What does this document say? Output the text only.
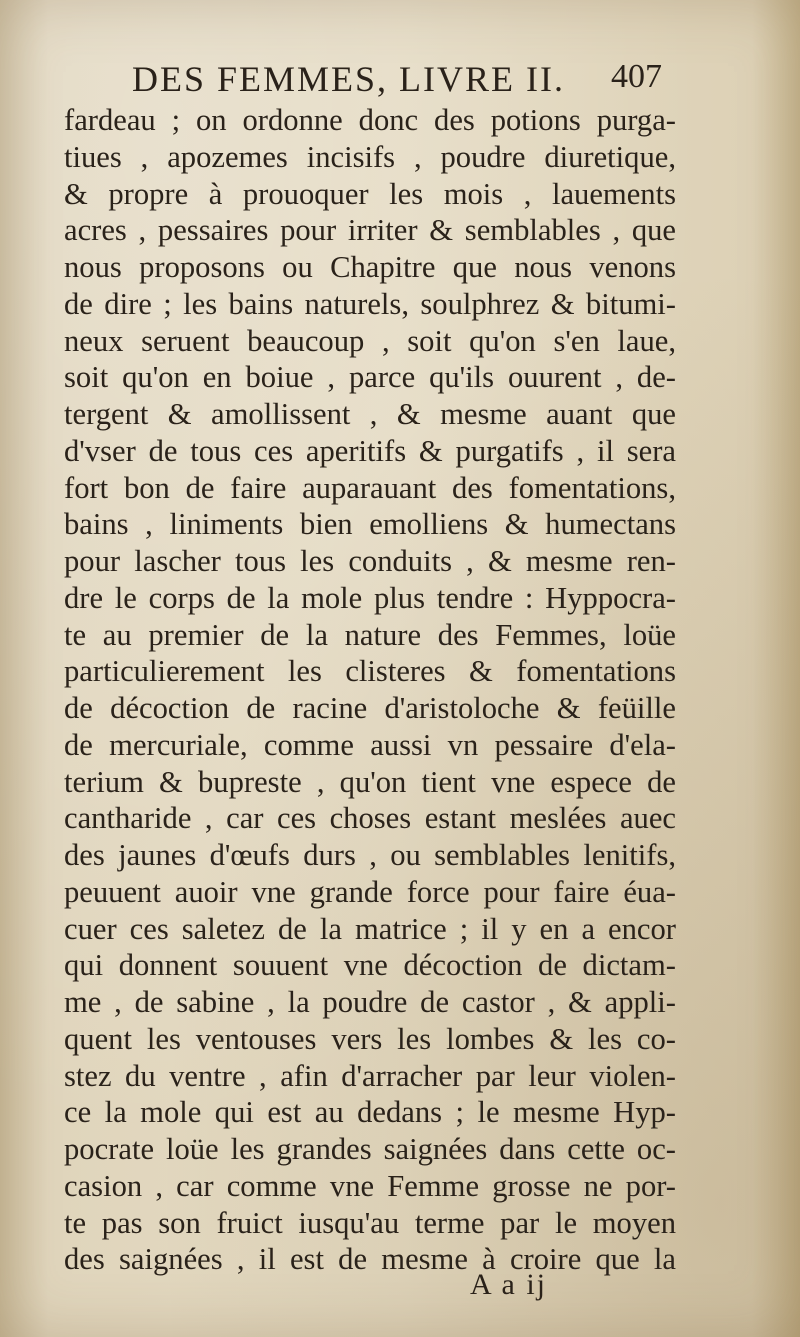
DES FEMMES, LIVRE II. 407
fardeau ; on ordonne donc des potions purga-
tiues , apozemes incisifs , poudre diuretique,
& propre à prouoquer les mois , lauements
acres , pessaires pour irriter & semblables , que
nous proposons ou Chapitre que nous venons
de dire ; les bains naturels, soulphrez & bitumi-
neux seruent beaucoup , soit qu'on s'en laue,
soit qu'on en boiue , parce qu'ils ouurent , de-
tergent & amollissent , & mesme auant que
d'vser de tous ces aperitifs & purgatifs , il sera
fort bon de faire auparauant des fomentations,
bains , liniments bien emolliens & humectans
pour lascher tous les conduits , & mesme ren-
dre le corps de la mole plus tendre : Hyppocra-
te au premier de la nature des Femmes, loüe
particulierement les clisteres & fomentations
de décoction de racine d'aristoloche & feüille
de mercuriale, comme aussi vn pessaire d'ela-
terium & bupreste , qu'on tient vne espece de
cantharide , car ces choses estant meslées auec
des jaunes d'œufs durs , ou semblables lenitifs,
peuuent auoir vne grande force pour faire éua-
cuer ces saletez de la matrice ; il y en a encor
qui donnent souuent vne décoction de dictam-
me , de sabine , la poudre de castor , & appli-
quent les ventouses vers les lombes & les co-
stez du ventre , afin d'arracher par leur violen-
ce la mole qui est au dedans ; le mesme Hyp-
pocrate loüe les grandes saignées dans cette oc-
casion , car comme vne Femme grosse ne por-
te pas son fruict iusqu'au terme par le moyen
des saignées , il est de mesme à croire que la
A a ij
